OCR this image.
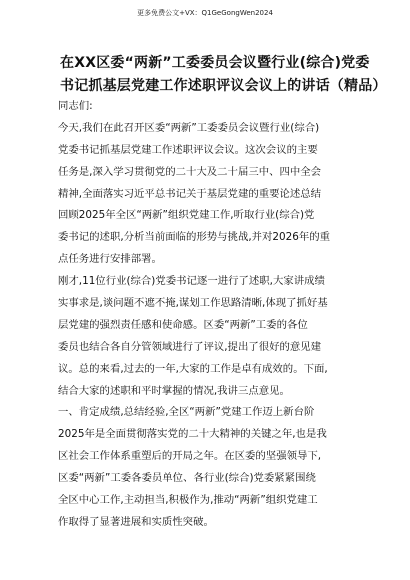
更多免费公文+VX：Q1GeGongWen2024
在XX区委“两新”工委委员会议暨行业(综合)党委
书记抓基层党建工作述职评议会议上的讲话（精品）
同志们:
今天,我们在此召开区委“两新”工委委员会议暨行业(综合)
党委书记抓基层党建工作述职评议会议。这次会议的主要
任务是,深入学习贯彻党的二十大及二十届三中、四中全会
精神,全面落实习近平总书记关于基层党建的重要论述总结
回顾2025年全区“两新”组织党建工作,听取行业(综合)党
委书记的述职,分析当前面临的形势与挑战,并对2026年的重
点任务进行安排部署。
刚才,11位行业(综合)党委书记逐一进行了述职,大家讲成绩
实事求是,谈问题不遮不掩,谋划工作思路清晰,体现了抓好基
层党建的强烈责任感和使命感。区委“两新”工委的各位
委员也结合各自分管领域进行了评议,提出了很好的意见建
议。总的来看,过去的一年,大家的工作是卓有成效的。下面,
结合大家的述职和平时掌握的情况,我讲三点意见。
一、肯定成绩,总结经验,全区“两新”党建工作迈上新台阶
2025年是全面贯彻落实党的二十大精神的关键之年,也是我
区社会工作体系重塑后的开局之年。在区委的坚强领导下,
区委“两新”工委各委员单位、各行业(综合)党委紧紧围绕
全区中心工作,主动担当,积极作为,推动“两新”组织党建工
作取得了显著进展和实质性突破。
